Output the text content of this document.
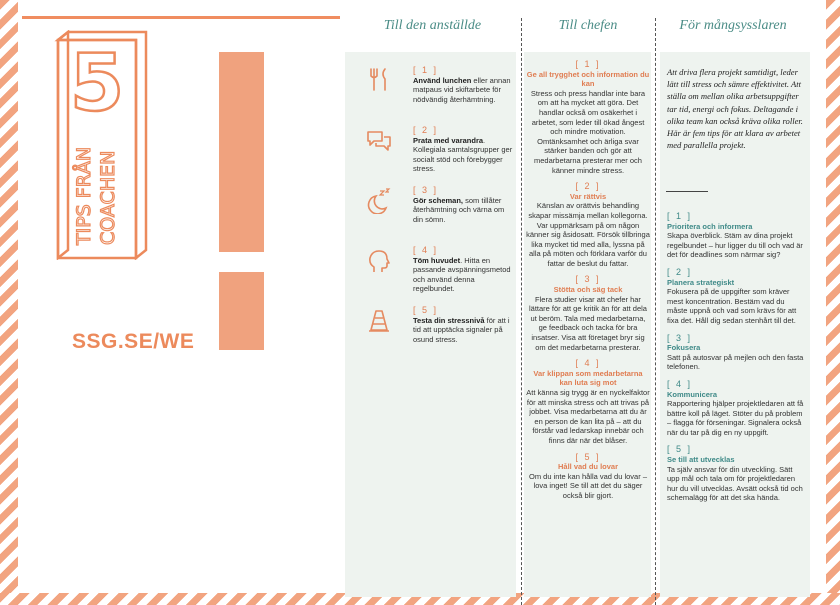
5
TIPS FRÅN COACHEN
SSG.SE/WE
Till den anställde	Till chefen	För mångsysslaren
[ 1 ]
Använd lunchen eller annan matpaus vid skiftarbete för nödvändig återhämtning.
[ 2 ]
Prata med varandra. Kollegiala samtalsgrupper ger socialt stöd och förebygger stress.
[ 3 ]
Gör scheman, som tillåter återhämtning och värna om din sömn.
[ 4 ]
Töm huvudet. Hitta en passande avspänningsmetod och använd denna regelbundet.
[ 5 ]
Testa din stressnivå för att i tid att upptäcka signaler på osund stress.
[ 1 ]
Ge all trygghet och information du kan
Stress och press handlar inte bara om att ha mycket att göra. Det handlar också om osäkerhet i arbetet, som leder till ökad ångest och mindre motivation. Omtänksamhet och ärliga svar stärker banden och gör att medarbetarna presterar mer och känner mindre stress.
[ 2 ]
Var rättvis
Känslan av orättvis behandling skapar missämja mellan kollegorna. Var uppmärksam på om någon känner sig åsidosatt. Försök tillbringa lika mycket tid med alla, lyssna på alla på möten och förklara varför du fattar de beslut du fattar.
[ 3 ]
Stötta och säg tack
Flera studier visar att chefer har lättare för att ge kritik än för att dela ut beröm. Tala med medarbetarna, ge feedback och tacka för bra insatser. Visa att företaget bryr sig om det medarbetarna presterar.
[ 4 ]
Var klippan som medarbetarna kan luta sig mot
Att känna sig trygg är en nyckelfaktor för att minska stress och att trivas på jobbet. Visa medarbetarna att du är en person de kan lita på – att du förstår vad ledarskap innebär och finns där när det blåser.
[ 5 ]
Håll vad du lovar
Om du inte kan hålla vad du lovar – lova inget! Se till att det du säger också blir gjort.
Att driva flera projekt samtidigt, leder lätt till stress och sämre effektivitet. Att ställa om mellan olika arbetsuppgifter tar tid, energi och fokus. Deltagande i olika team kan också kräva olika roller. Här är fem tips för att klara av arbetet med parallella projekt.
[ 1 ]
Prioritera och informera
Skapa överblick. Stäm av dina projekt regelbundet – hur ligger du till och vad är det för deadlines som närmar sig?
[ 2 ]
Planera strategiskt
Fokusera på de uppgifter som kräver mest koncentration. Bestäm vad du måste uppnå och vad som krävs för att fixa det. Håll dig sedan stenhårt till det.
[ 3 ]
Fokusera
Satt på autosvar på mejlen och den fasta telefonen.
[ 4 ]
Kommunicera
Rapportering hjälper projektledaren att få bättre koll på läget. Stöter du på problem – flagga för förseningar. Signalera också när du tar på dig en ny uppgift.
[ 5 ]
Se till att utvecklas
Ta själv ansvar för din utveckling. Sätt upp mål och tala om för projektledaren hur du vill utvecklas. Avsätt också tid och schemalägg för att det ska hända.
